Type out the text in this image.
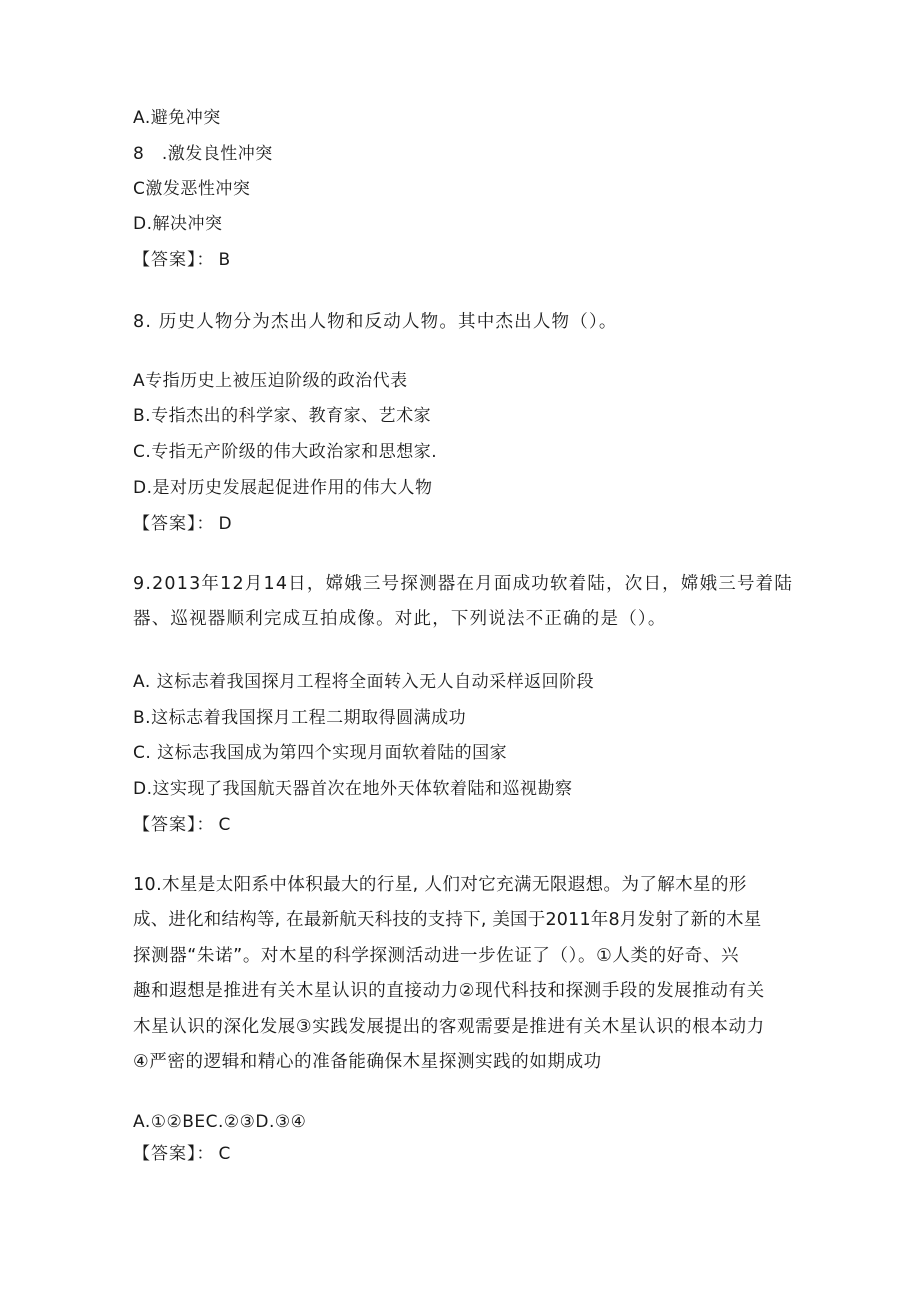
A.避免冲突
8　.激发良性冲突
C激发恶性冲突
D.解决冲突
【答案】： B
8. 历史人物分为杰出人物和反动人物。其中杰出人物（）。
A专指历史上被压迫阶级的政治代表
B.专指杰出的科学家、教育家、艺术家
C.专指无产阶级的伟大政治家和思想家.
D.是对历史发展起促进作用的伟大人物
【答案】： D
9.2013年12月14日，嫦娥三号探测器在月面成功软着陆，次日，嫦娥三号着陆
器、巡视器顺利完成互拍成像。对此，下列说法不正确的是（）。
A. 这标志着我国探月工程将全面转入无人自动采样返回阶段
B.这标志着我国探月工程二期取得圆满成功
C. 这标志我国成为第四个实现月面软着陆的国家
D.这实现了我国航天器首次在地外天体软着陆和巡视勘察
【答案】： C
10.木星是太阳系中体积最大的行星, 人们对它充满无限遐想。为了解木星的形
成、进化和结构等, 在最新航天科技的支持下, 美国于2011年8月发射了新的木星
探测器“朱诺”。对木星的科学探测活动进一步佐证了（）。①人类的好奇、兴
趣和遐想是推进有关木星认识的直接动力②现代科技和探测手段的发展推动有关
木星认识的深化发展③实践发展提出的客观需要是推进有关木星认识的根本动力
④严密的逻辑和精心的准备能确保木星探测实践的如期成功
A.①②BEC.②③D.③④
【答案】： C
